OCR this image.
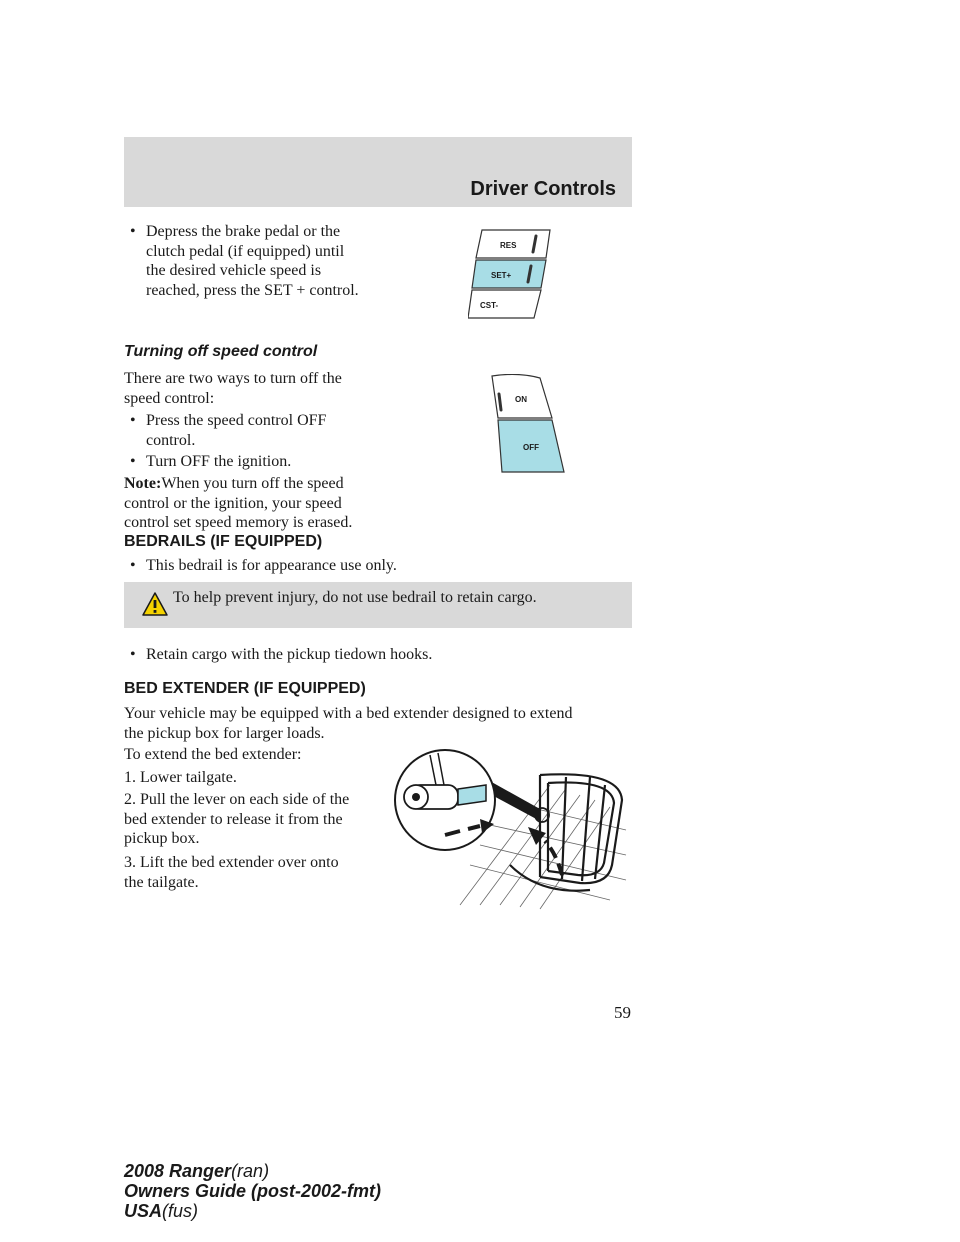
Driver Controls
• Depress the brake pedal or the
clutch pedal (if equipped) until
the desired vehicle speed is
reached, press the SET + control.
RES
SET+
CST-
Turning off speed control
There are two ways to turn off the
speed control:
• Press the speed control OFF
control.
• Turn OFF the ignition.
Note:When you turn off the speed
control or the ignition, your speed
control set speed memory is erased.
ON
OFF
BEDRAILS (IF EQUIPPED)
• This bedrail is for appearance use only.

To help prevent injury, do not use bedrail to retain cargo.

• Retain cargo with the pickup tiedown hooks.
BED EXTENDER (IF EQUIPPED)
Your vehicle may be equipped with a bed extender designed to extend
the pickup box for larger loads.
To extend the bed extender:
1. Lower tailgate.
2. Pull the lever on each side of the
bed extender to release it from the
pickup box.
3. Lift the bed extender over onto
the tailgate.

59

2008 Ranger(ran)
Owners Guide (post-2002-fmt)
USA(fus)
